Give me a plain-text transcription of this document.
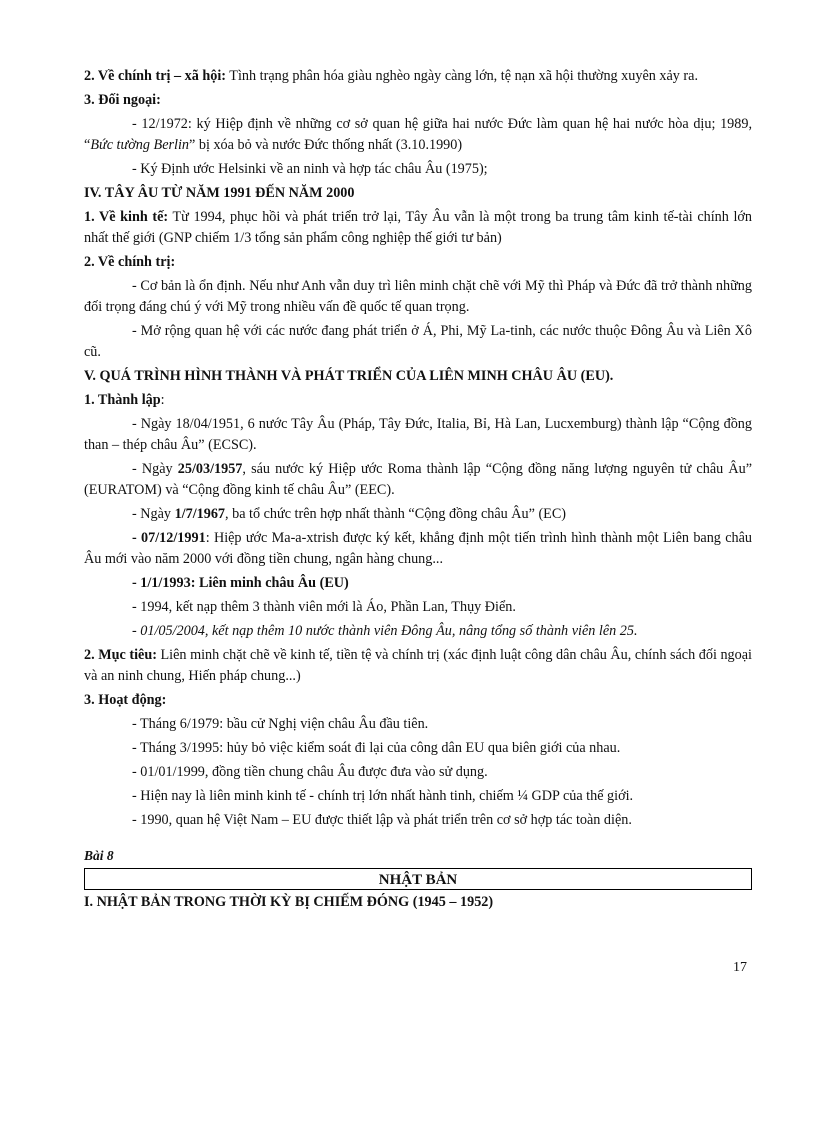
2. Về chính trị – xã hội: Tình trạng phân hóa giàu nghèo ngày càng lớn, tệ nạn xã hội thường xuyên xảy ra.

3. Đối ngoại:

- 12/1972: ký Hiệp định về những cơ sở quan hệ giữa hai nước Đức làm quan hệ hai nước hòa dịu; 1989, “Bức tường Berlin” bị xóa bỏ và nước Đức thống nhất (3.10.1990)

- Ký Định ước Helsinki về an ninh và hợp tác châu Âu (1975);

IV. TÂY ÂU TỪ NĂM 1991 ĐẾN NĂM 2000

1. Về kinh tế: Từ 1994, phục hồi và phát triển trở lại, Tây Âu vẫn là một trong ba trung tâm kinh tế-tài chính lớn nhất thế giới (GNP chiếm 1/3 tổng sản phẩm công nghiệp thế giới tư bản)

2. Về chính trị:

- Cơ bản là ổn định. Nếu như Anh vẫn duy trì liên minh chặt chẽ với Mỹ thì Pháp và Đức đã trở thành những đối trọng đáng chú ý với Mỹ trong nhiều vấn đề quốc tế quan trọng.

- Mở rộng quan hệ với các nước đang phát triển ở Á, Phi, Mỹ La-tinh, các nước thuộc Đông Âu và Liên Xô cũ.

V. QUÁ TRÌNH HÌNH THÀNH VÀ PHÁT TRIỂN CỦA LIÊN MINH CHÂU ÂU (EU).

1. Thành lập:

- Ngày 18/04/1951, 6 nước Tây Âu (Pháp, Tây Đức, Italia, Bỉ, Hà Lan, Lucxemburg) thành lập “Cộng đồng than – thép châu Âu” (ECSC).

- Ngày 25/03/1957, sáu nước ký Hiệp ước Roma thành lập “Cộng đồng năng lượng nguyên tử châu Âu” (EURATOM) và “Cộng đồng kinh tế châu Âu” (EEC).

- Ngày 1/7/1967, ba tổ chức trên hợp nhất thành “Cộng đồng châu Âu” (EC)

- 07/12/1991: Hiệp ước Ma-a-xtrish được ký kết, khẳng định một tiến trình hình thành một Liên bang châu Âu mới vào năm 2000 với đồng tiền chung, ngân hàng chung...

- 1/1/1993: Liên minh châu Âu (EU)

- 1994, kết nạp thêm 3 thành viên mới là Áo, Phần Lan, Thụy Điển.

- 01/05/2004, kết nạp thêm 10 nước thành viên Đông Âu, nâng tổng số thành viên lên 25.

2. Mục tiêu: Liên minh chặt chẽ về kinh tế, tiền tệ và chính trị (xác định luật công dân châu Âu, chính sách đối ngoại và an ninh chung, Hiến pháp chung...)

3. Hoạt động:

- Tháng 6/1979: bầu cử Nghị viện châu Âu đầu tiên.

- Tháng 3/1995: hủy bỏ việc kiểm soát đi lại của công dân EU qua biên giới của nhau.

- 01/01/1999, đồng tiền chung châu Âu được đưa vào sử dụng.

- Hiện nay là liên minh kinh tế - chính trị lớn nhất hành tinh, chiếm ¼ GDP của thế giới.

- 1990, quan hệ Việt Nam – EU được thiết lập và phát triển trên cơ sở hợp tác toàn diện.

Bài 8

NHẬT BẢN

I. NHẬT BẢN TRONG THỜI KỲ BỊ CHIẾM ĐÓNG (1945 – 1952)

17
